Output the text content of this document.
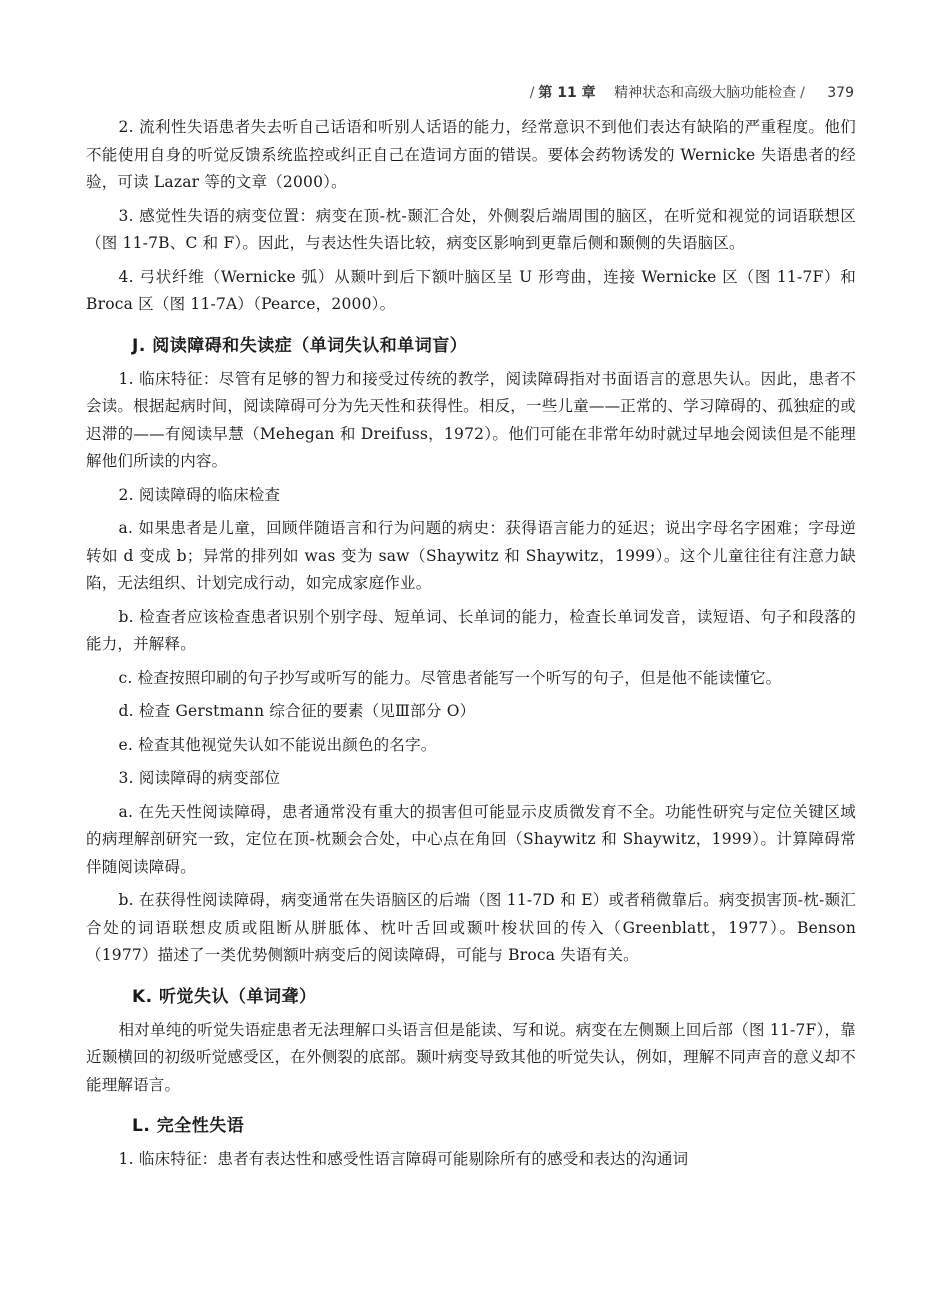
/ 第 11 章 精神状态和高级大脑功能检查 / 379

2. 流利性失语患者失去听自己话语和听别人话语的能力，经常意识不到他们表达有缺陷的严重程度。他们不能使用自身的听觉反馈系统监控或纠正自己在造词方面的错误。要体会药物诱发的 Wernicke 失语患者的经验，可读 Lazar 等的文章（2000）。

3. 感觉性失语的病变位置：病变在顶-枕-颞汇合处，外侧裂后端周围的脑区，在听觉和视觉的词语联想区（图 11-7B、C 和 F）。因此，与表达性失语比较，病变区影响到更靠后侧和颞侧的失语脑区。

4. 弓状纤维（Wernicke 弧）从颞叶到后下额叶脑区呈 U 形弯曲，连接 Wernicke 区（图 11-7F）和 Broca 区（图 11-7A）（Pearce，2000）。

J. 阅读障碍和失读症（单词失认和单词盲）

1. 临床特征：尽管有足够的智力和接受过传统的教学，阅读障碍指对书面语言的意思失认。因此，患者不会读。根据起病时间，阅读障碍可分为先天性和获得性。相反，一些儿童——正常的、学习障碍的、孤独症的或迟滞的——有阅读早慧（Mehegan 和 Dreifuss，1972）。他们可能在非常年幼时就过早地会阅读但是不能理解他们所读的内容。

2. 阅读障碍的临床检查

a. 如果患者是儿童，回顾伴随语言和行为问题的病史：获得语言能力的延迟；说出字母名字困难；字母逆转如 d 变成 b；异常的排列如 was 变为 saw（Shaywitz 和 Shaywitz，1999）。这个儿童往往有注意力缺陷，无法组织、计划完成行动，如完成家庭作业。

b. 检查者应该检查患者识别个别字母、短单词、长单词的能力，检查长单词发音，读短语、句子和段落的能力，并解释。

c. 检查按照印刷的句子抄写或听写的能力。尽管患者能写一个听写的句子，但是他不能读懂它。

d. 检查 Gerstmann 综合征的要素（见Ⅲ部分 O）

e. 检查其他视觉失认如不能说出颜色的名字。

3. 阅读障碍的病变部位

a. 在先天性阅读障碍，患者通常没有重大的损害但可能显示皮质微发育不全。功能性研究与定位关键区域的病理解剖研究一致，定位在顶-枕颞会合处，中心点在角回（Shaywitz 和 Shaywitz，1999）。计算障碍常伴随阅读障碍。

b. 在获得性阅读障碍，病变通常在失语脑区的后端（图 11-7D 和 E）或者稍微靠后。病变损害顶-枕-颞汇合处的词语联想皮质或阻断从胼胝体、枕叶舌回或颞叶梭状回的传入（Greenblatt，1977）。Benson（1977）描述了一类优势侧额叶病变后的阅读障碍，可能与 Broca 失语有关。

K. 听觉失认（单词聋）

相对单纯的听觉失语症患者无法理解口头语言但是能读、写和说。病变在左侧颞上回后部（图 11-7F），靠近颞横回的初级听觉感受区，在外侧裂的底部。颞叶病变导致其他的听觉失认，例如，理解不同声音的意义却不能理解语言。

L. 完全性失语

1. 临床特征：患者有表达性和感受性语言障碍可能剔除所有的感受和表达的沟通词
